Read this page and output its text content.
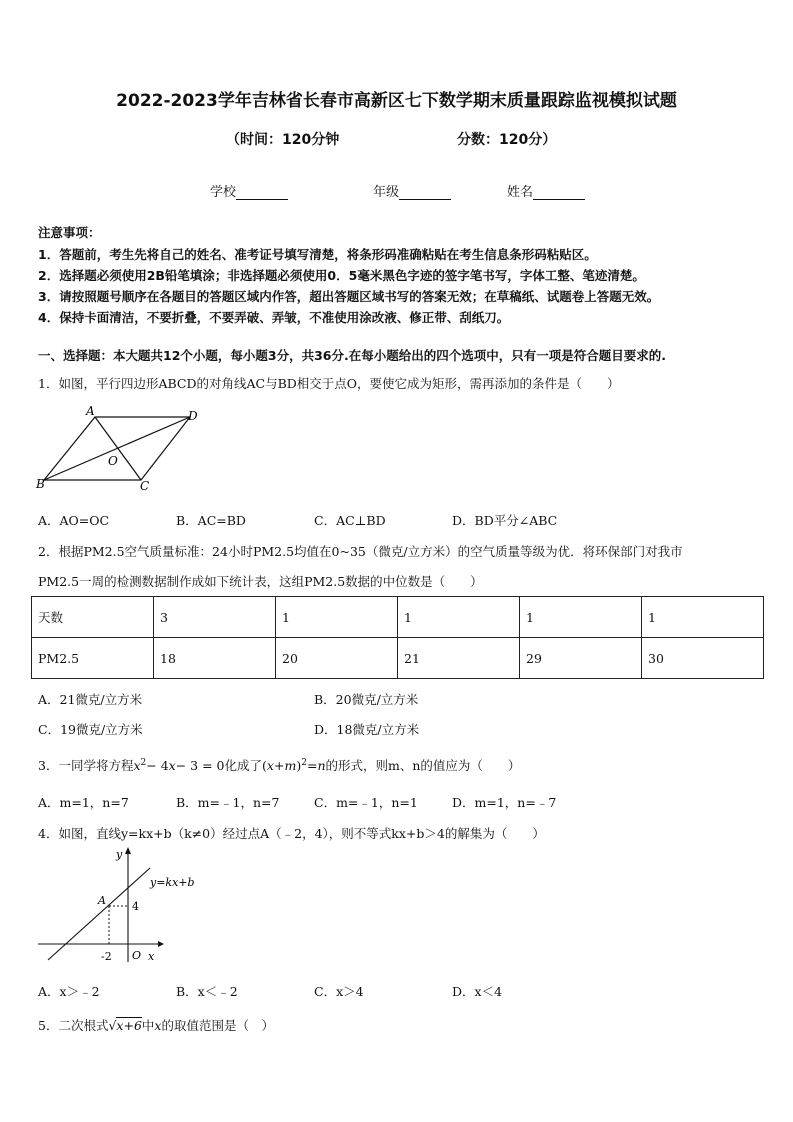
2022-2023学年吉林省长春市高新区七下数学期末质量跟踪监视模拟试题
（时间：120分钟	分数：120分）
学校	年级	姓名
注意事项：
1．答题前，考生先将自己的姓名、准考证号填写清楚，将条形码准确粘贴在考生信息条形码粘贴区。
2．选择题必须使用2B铅笔填涂；非选择题必须使用0．5毫米黑色字迹的签字笔书写，字体工整、笔迹清楚。
3．请按照题号顺序在各题目的答题区域内作答，超出答题区域书写的答案无效；在草稿纸、试题卷上答题无效。
4．保持卡面清洁，不要折叠，不要弄破、弄皱，不准使用涂改液、修正带、刮纸刀。
一、选择题：本大题共12个小题，每小题3分，共36分.在每小题给出的四个选项中，只有一项是符合题目要求的.
1．如图，平行四边形ABCD的对角线AC与BD相交于点O，要使它成为矩形，需再添加的条件是（　　）
A	D
O
B	C
A．AO=OC	B．AC=BD	C．AC⊥BD	D．BD平分∠ABC
2．根据PM2.5空气质量标准：24小时PM2.5均值在0~35（微克/立方米）的空气质量等级为优．将环保部门对我市
PM2.5一周的检测数据制作成如下统计表，这组PM2.5数据的中位数是（　　）
天数	3	1	1	1	1
PM2.5	18	20	21	29	30
A．21微克/立方米	B．20微克/立方米
C．19微克/立方米	D．18微克/立方米
3．一同学将方程$x^2- 4x- 3 = 0$化成了$(x+m)^2=n$的形式，则m、n的值应为（　　）
A．m=1，n=7	B．m=﹣1，n=7	C．m=﹣1，n=1	D．m=1，n=﹣7
4．如图，直线y=kx+b（k≠0）经过点A（﹣2，4），则不等式kx+b＞4的解集为（　　）
y
x
y=kx+b
A 4
-2 O
A．x＞﹣2	B．x＜﹣2	C．x＞4	D．x＜4
5．二次根式√x+6中x的取值范围是（　）
